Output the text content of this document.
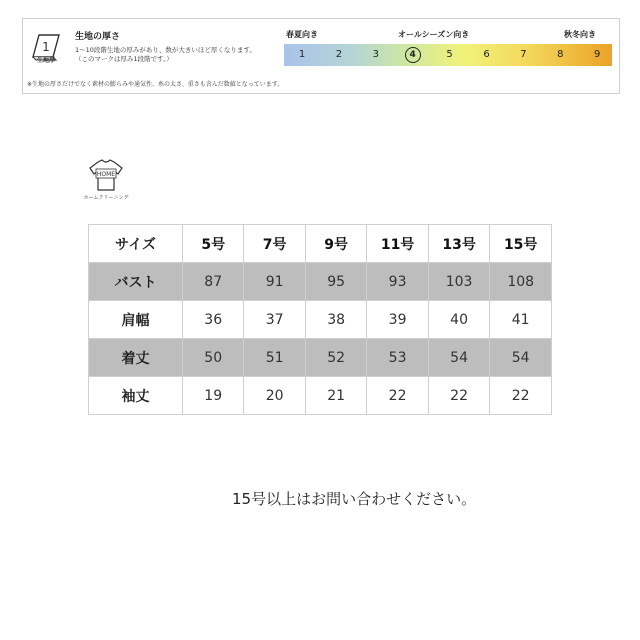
1
生地厚
生地の厚さ
1〜10段階生地の厚みがあり、数が大きいほど厚くなります。
（このマークは厚み1段階です。）
※生地の厚さだけでなく素材の膨らみや通気性、糸の太さ、重さも含んだ数値となっています。
春夏向き	オールシーズン向き	秋冬向き
1	2	3	4	5	6	7	8	9
HOME
ホームクリーニング
サイズ	5号	7号	9号	11号	13号	15号
バスト	87	91	95	93	103	108
肩幅	36	37	38	39	40	41
着丈	50	51	52	53	54	54
袖丈	19	20	21	22	22	22
15号以上はお問い合わせください。
